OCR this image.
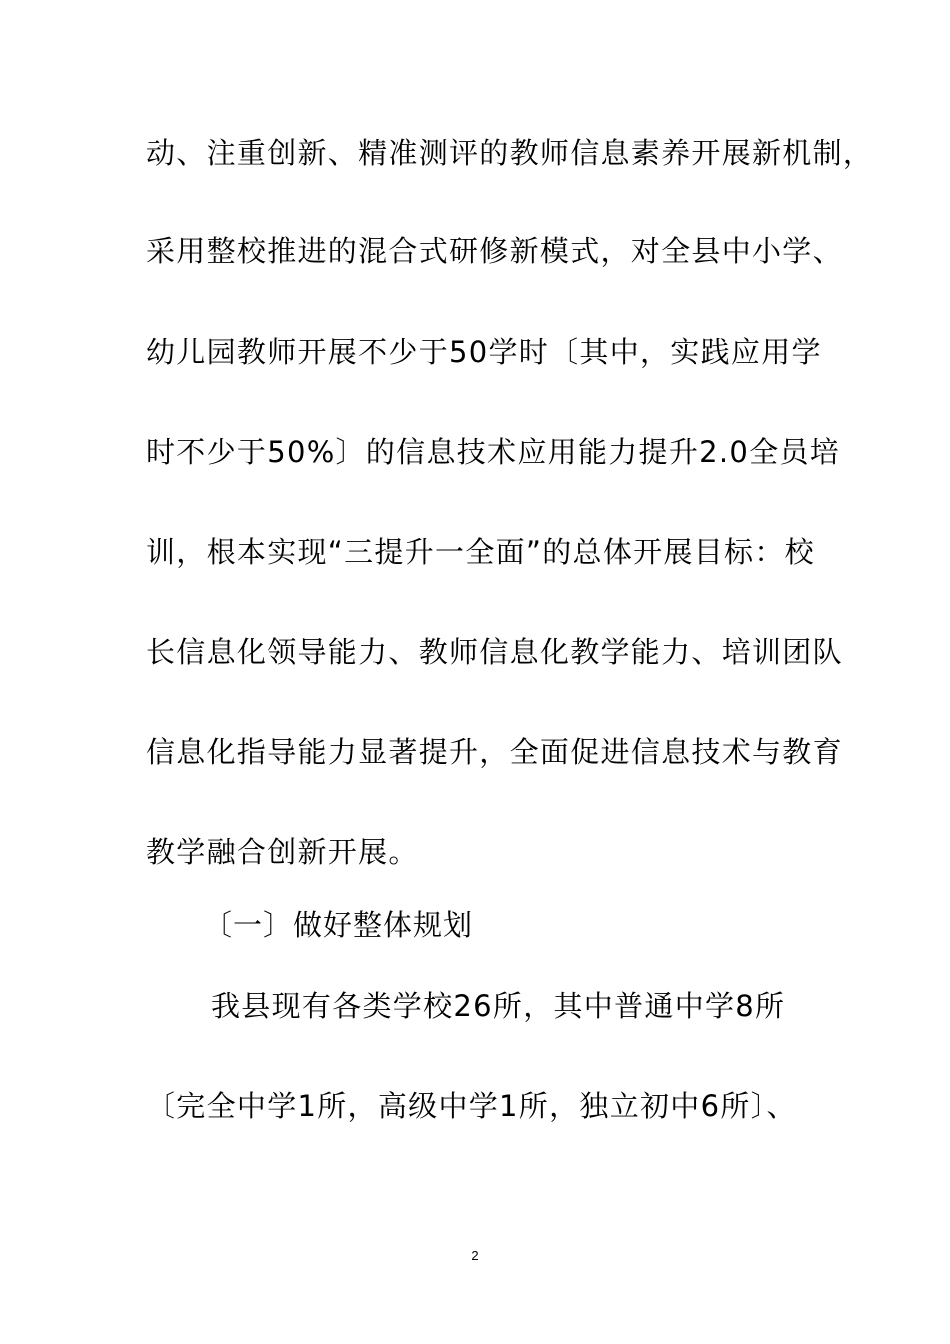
动、注重创新、精准测评的教师信息素养开展新机制，
采用整校推进的混合式研修新模式，对全县中小学、
幼儿园教师开展不少于50学时〔其中，实践应用学
时不少于50%〕的信息技术应用能力提升2.0全员培
训，根本实现“三提升一全面”的总体开展目标：校
长信息化领导能力、教师信息化教学能力、培训团队
信息化指导能力显著提升，全面促进信息技术与教育
教学融合创新开展。
〔一〕做好整体规划
我县现有各类学校26所，其中普通中学8所
〔完全中学1所，高级中学1所，独立初中6所〕、
2
